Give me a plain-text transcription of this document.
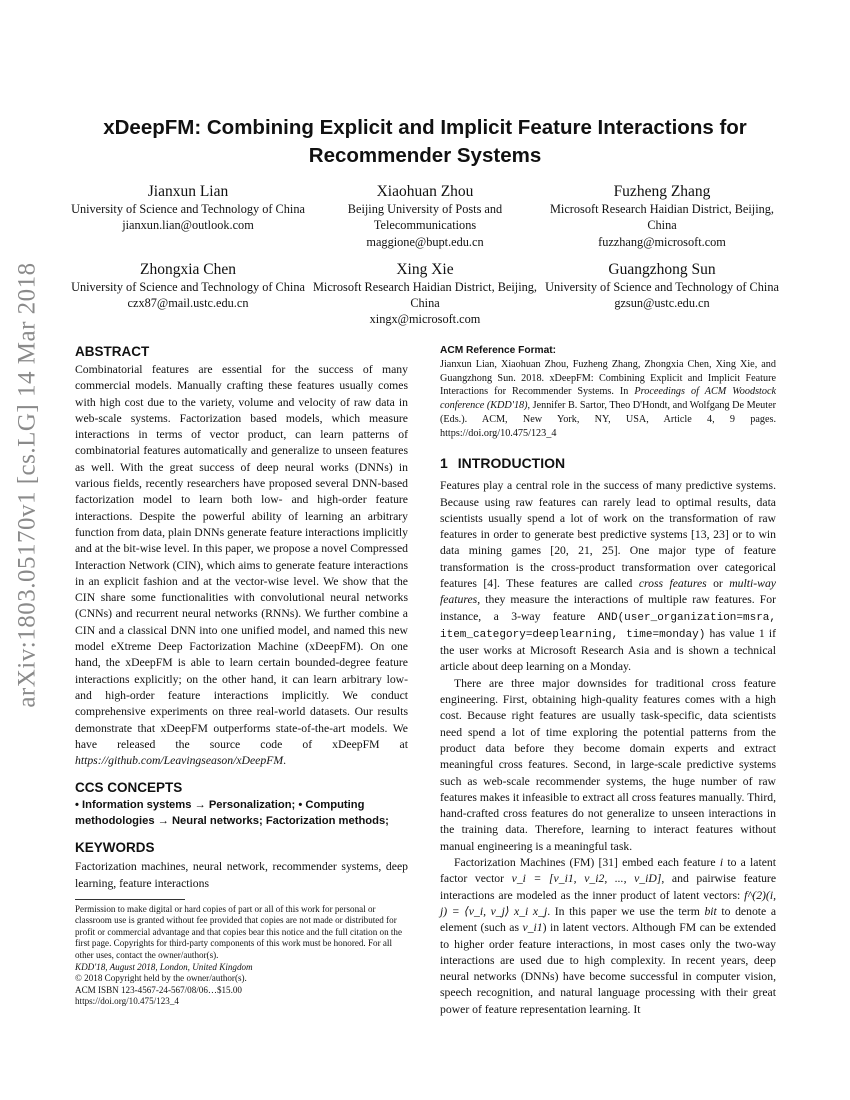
arXiv:1803.05170v1 [cs.LG] 14 Mar 2018
xDeepFM: Combining Explicit and Implicit Feature Interactions for Recommender Systems
Jianxun Lian
University of Science and Technology of China
jianxun.lian@outlook.com
Xiaohuan Zhou
Beijing University of Posts and Telecommunications
maggione@bupt.edu.cn
Fuzheng Zhang
Microsoft Research Haidian District, Beijing, China
fuzzhang@microsoft.com
Zhongxia Chen
University of Science and Technology of China
czx87@mail.ustc.edu.cn
Xing Xie
Microsoft Research Haidian District, Beijing, China
xingx@microsoft.com
Guangzhong Sun
University of Science and Technology of China
gzsun@ustc.edu.cn
ABSTRACT

Combinatorial features are essential for the success of many commercial models. Manually crafting these features usually comes with high cost due to the variety, volume and velocity of raw data in web-scale systems. Factorization based models, which measure interactions in terms of vector product, can learn patterns of combinatorial features automatically and generalize to unseen features as well. With the great success of deep neural works (DNNs) in various fields, recently researchers have proposed several DNN-based factorization model to learn both low- and high-order feature interactions. Despite the powerful ability of learning an arbitrary function from data, plain DNNs generate feature interactions implicitly and at the bit-wise level. In this paper, we propose a novel Compressed Interaction Network (CIN), which aims to generate feature interactions in an explicit fashion and at the vector-wise level. We show that the CIN share some functionalities with convolutional neural networks (CNNs) and recurrent neural networks (RNNs). We further combine a CIN and a classical DNN into one unified model, and named this new model eXtreme Deep Factorization Machine (xDeepFM). On one hand, the xDeepFM is able to learn certain bounded-degree feature interactions explicitly; on the other hand, it can learn arbitrary low- and high-order feature interactions implicitly. We conduct comprehensive experiments on three real-world datasets. Our results demonstrate that xDeepFM outperforms state-of-the-art models. We have released the source code of xDeepFM at https://github.com/Leavingseason/xDeepFM.

CCS CONCEPTS

• Information systems → Personalization; • Computing methodologies → Neural networks; Factorization methods;

KEYWORDS

Factorization machines, neural network, recommender systems, deep learning, feature interactions

Permission to make digital or hard copies of part or all of this work for personal or classroom use is granted without fee provided that copies are not made or distributed for profit or commercial advantage and that copies bear this notice and the full citation on the first page. Copyrights for third-party components of this work must be honored. For all other uses, contact the owner/author(s).
KDD'18, August 2018, London, United Kingdom
© 2018 Copyright held by the owner/author(s).
ACM ISBN 123-4567-24-567/08/06…$15.00
https://doi.org/10.475/123_4
ACM Reference Format:

Jianxun Lian, Xiaohuan Zhou, Fuzheng Zhang, Zhongxia Chen, Xing Xie, and Guangzhong Sun. 2018. xDeepFM: Combining Explicit and Implicit Feature Interactions for Recommender Systems. In Proceedings of ACM Woodstock conference (KDD'18), Jennifer B. Sartor, Theo D'Hondt, and Wolfgang De Meuter (Eds.). ACM, New York, NY, USA, Article 4, 9 pages. https://doi.org/10.475/123_4

1 INTRODUCTION

Features play a central role in the success of many predictive systems. Because using raw features can rarely lead to optimal results, data scientists usually spend a lot of work on the transformation of raw features in order to generate best predictive systems [13, 23] or to win data mining games [20, 21, 25]. One major type of feature transformation is the cross-product transformation over categorical features [4]. These features are called cross features or multi-way features, they measure the interactions of multiple raw features. For instance, a 3-way feature AND(user_organization=msra, item_category=deeplearning, time=monday) has value 1 if the user works at Microsoft Research Asia and is shown a technical article about deep learning on a Monday.

There are three major downsides for traditional cross feature engineering. First, obtaining high-quality features comes with a high cost. Because right features are usually task-specific, data scientists need spend a lot of time exploring the potential patterns from the product data before they become domain experts and extract meaningful cross features. Second, in large-scale predictive systems such as web-scale recommender systems, the huge number of raw features makes it infeasible to extract all cross features manually. Third, hand-crafted cross features do not generalize to unseen interactions in the training data. Therefore, learning to interact features without manual engineering is a meaningful task.

Factorization Machines (FM) [31] embed each feature i to a latent factor vector v_i = [v_i1, v_i2, ..., v_iD], and pairwise feature interactions are modeled as the inner product of latent vectors: f^(2)(i, j) = ⟨v_i, v_j⟩ x_i x_j. In this paper we use the term bit to denote a element (such as v_i1) in latent vectors. Although FM can be extended to higher order feature interactions, in most cases only the two-way interactions are used due to high complexity. In recent years, deep neural networks (DNNs) have become successful in computer vision, speech recognition, and natural language processing with their great power of feature representation learning. It
